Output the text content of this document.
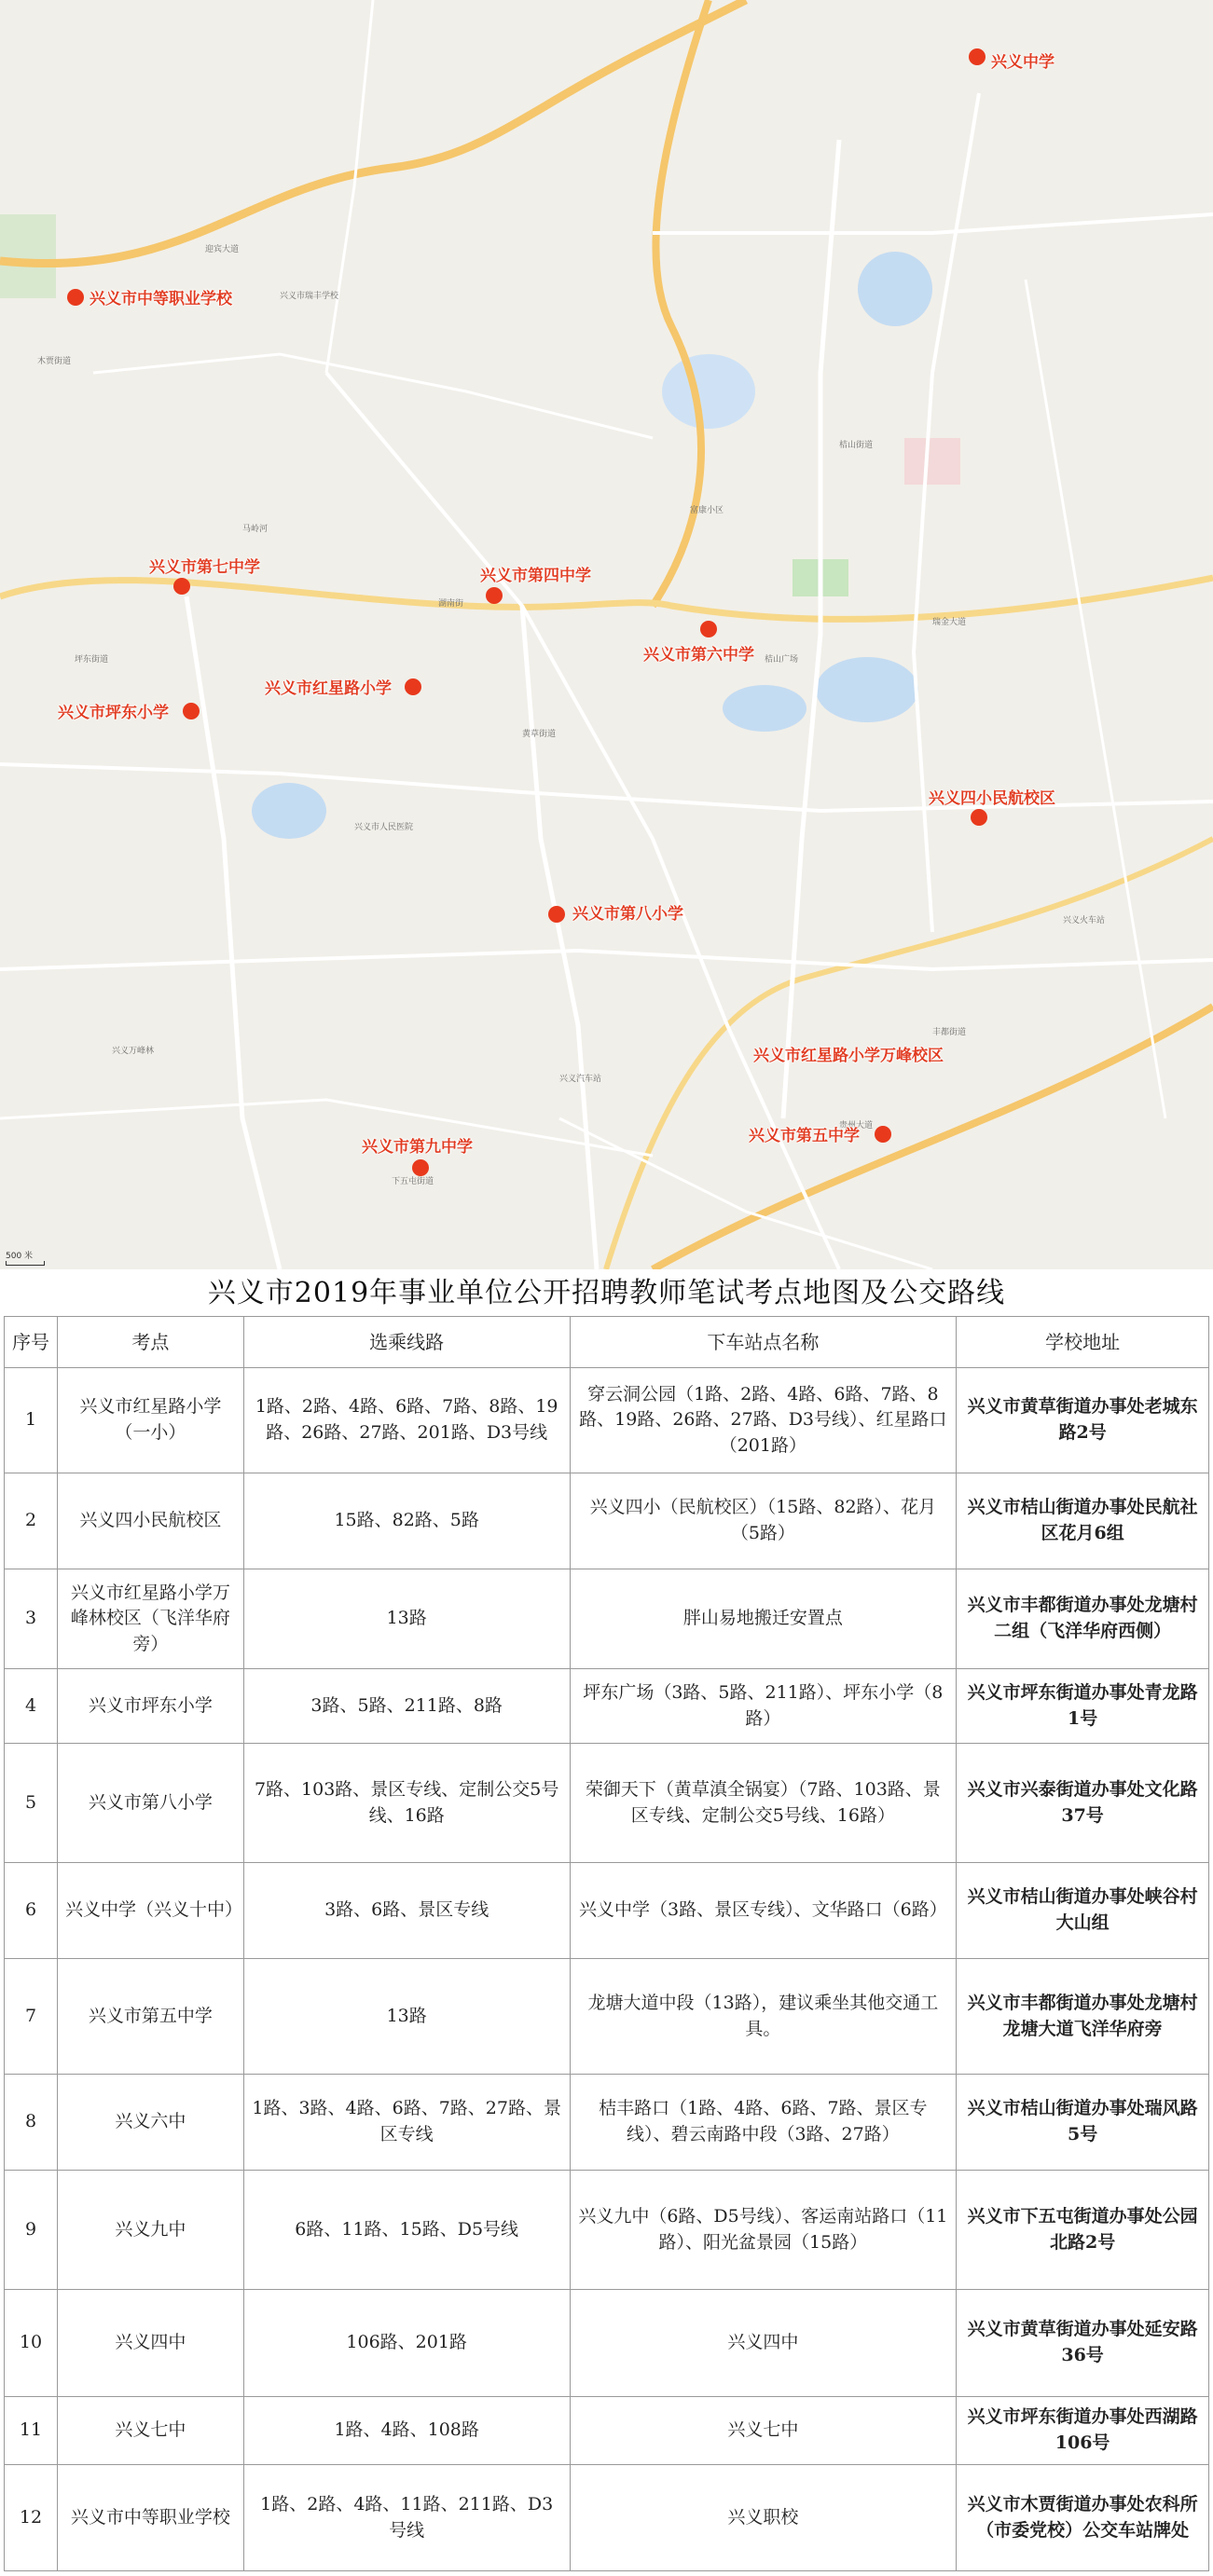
兴义市瑞丰学校
桔山街道
兴义市人民医院
马岭河
桔山广场
兴义火车站
丰都街道
下五屯街道
坪东街道
黄草街道
木贾街道
兴义万峰林
富康小区
兴义汽车站
湖南街
瑞金大道
迎宾大道
贵州大道
兴义中学
兴义市中等职业学校
兴义市第七中学	兴义市第四中学
兴义市红星路小学
兴义市第六中学
兴义市坪东小学
兴义四小民航校区
兴义市第八小学
兴义市红星路小学万峰校区
兴义市第五中学
兴义市第九中学
500 米
兴义市2019年事业单位公开招聘教师笔试考点地图及公交路线
序号	考点	选乘线路	下车站点名称	学校地址
1	兴义市红星路小学（一小）	1路、2路、4路、6路、7路、8路、19路、26路、27路、201路、D3号线	穿云洞公园（1路、2路、4路、6路、7路、8路、19路、26路、27路、D3号线）、红星路口（201路）	兴义市黄草街道办事处老城东路2号
2	兴义四小民航校区	15路、82路、5路	兴义四小（民航校区）（15路、82路）、花月（5路）	兴义市桔山街道办事处民航社区花月6组
3	兴义市红星路小学万峰林校区（飞洋华府旁）	13路	胖山易地搬迁安置点	兴义市丰都街道办事处龙塘村二组（飞洋华府西侧）
4	兴义市坪东小学	3路、5路、211路、8路	坪东广场（3路、5路、211路）、坪东小学（8路）	兴义市坪东街道办事处青龙路1号
5	兴义市第八小学	7路、103路、景区专线、定制公交5号线、16路	荣御天下（黄草滇全锅宴）（7路、103路、景区专线、定制公交5号线、16路）	兴义市兴泰街道办事处文化路37号
6	兴义中学（兴义十中）	3路、6路、景区专线	兴义中学（3路、景区专线）、文华路口（6路）	兴义市桔山街道办事处峡谷村大山组
7	兴义市第五中学	13路	龙塘大道中段（13路），建议乘坐其他交通工具。	兴义市丰都街道办事处龙塘村龙塘大道飞洋华府旁
8	兴义六中	1路、3路、4路、6路、7路、27路、景区专线	桔丰路口（1路、4路、6路、7路、景区专线）、碧云南路中段（3路、27路）	兴义市桔山街道办事处瑞风路5号
9	兴义九中	6路、11路、15路、D5号线	兴义九中（6路、D5号线）、客运南站路口（11路）、阳光盆景园（15路）	兴义市下五屯街道办事处公园北路2号
10	兴义四中	106路、201路	兴义四中	兴义市黄草街道办事处延安路36号
11	兴义七中	1路、4路、108路	兴义七中	兴义市坪东街道办事处西湖路106号
12	兴义市中等职业学校	1路、2路、4路、11路、211路、D3号线	兴义职校	兴义市木贾街道办事处农科所（市委党校）公交车站牌处
